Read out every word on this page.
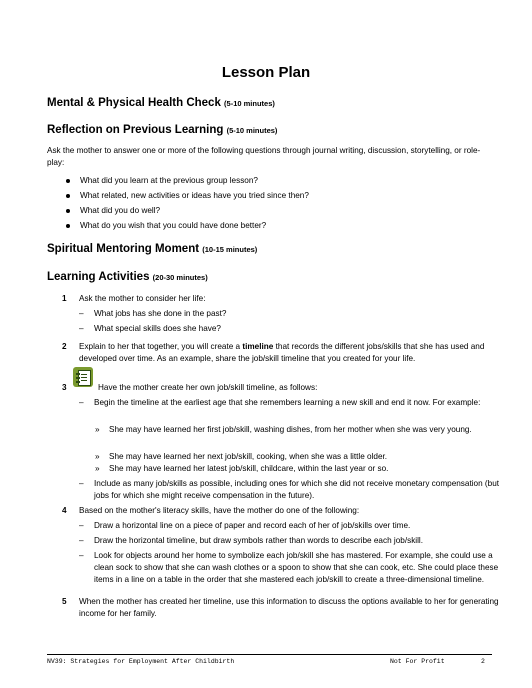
Lesson Plan
Mental & Physical Health Check (5-10 minutes)
Reflection on Previous Learning (5-10 minutes)
Ask the mother to answer one or more of the following questions through journal writing, discussion, storytelling, or role-play:
What did you learn at the previous group lesson?
What related, new activities or ideas have you tried since then?
What did you do well?
What do you wish that you could have done better?
Spiritual Mentoring Moment (10-15 minutes)
Learning Activities (20-30 minutes)
1 Ask the mother to consider her life:
– What jobs has she done in the past?
– What special skills does she have?
2 Explain to her that together, you will create a timeline that records the different jobs/skills that she has used and developed over time. As an example, share the job/skill timeline that you created for your life.
3	Have the mother create her own job/skill timeline, as follows:
– Begin the timeline at the earliest age that she remembers learning a new skill and end it now. For example:
» She may have learned her first job/skill, washing dishes, from her mother when she was very young.
» She may have learned her next job/skill, cooking, when she was a little older.
» She may have learned her latest job/skill, childcare, within the last year or so.
– Include as many job/skills as possible, including ones for which she did not receive monetary compensation (but jobs for which she might receive compensation in the future).
4 Based on the mother's literacy skills, have the mother do one of the following:
– Draw a horizontal line on a piece of paper and record each of her of job/skills over time.
– Draw the horizontal timeline, but draw symbols rather than words to describe each job/skill.
– Look for objects around her home to symbolize each job/skill she has mastered. For example, she could use a clean sock to show that she can wash clothes or a spoon to show that she can cook, etc. She could place these items in a line on a table in the order that she mastered each job/skill to create a three-dimensional timeline.
5 When the mother has created her timeline, use this information to discuss the options available to her for generating income for her family.
NV39: Strategies for Employment After Childbirth	Not For Profit	2
